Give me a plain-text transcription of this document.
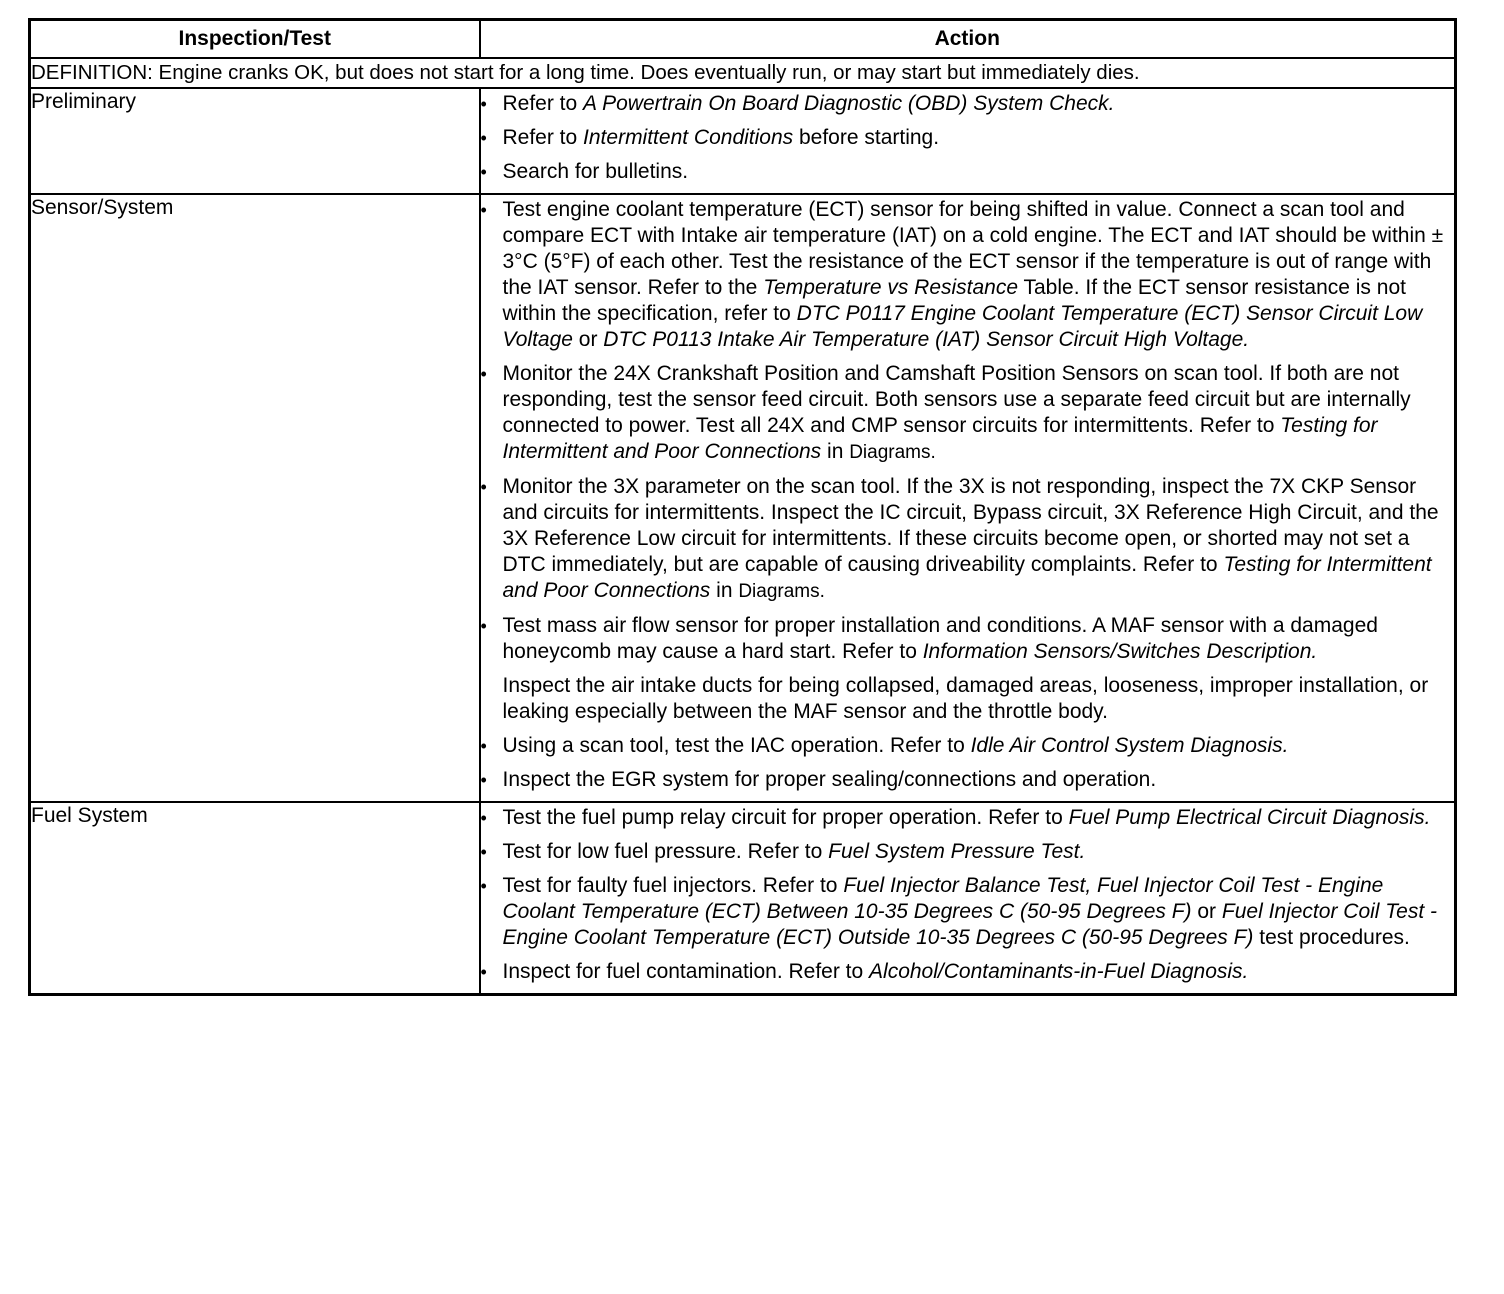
Inspection/Test	Action
DEFINITION: Engine cranks OK, but does not start for a long time. Does eventually run, or may start but immediately dies.	
Preliminary	
•Refer to A Powertrain On Board Diagnostic (OBD) System Check.
• Refer to Intermittent Conditions before starting.
• Search for bulletins.

Sensor/System	
•Test engine coolant temperature (ECT) sensor for being shifted in value. Connect a scan tool and compare ECT with Intake air temperature (IAT) on a cold engine. The ECT and IAT should be within ± 3°C (5°F) of each other. Test the resistance of the ECT sensor if the temperature is out of range with the IAT sensor. Refer to the Temperature vs Resistance Table. If the ECT sensor resistance is not within the specification, refer to DTC P0117 Engine Coolant Temperature (ECT) Sensor Circuit Low Voltage or DTC P0113 Intake Air Temperature (IAT) Sensor Circuit High Voltage.
• Monitor the 24X Crankshaft Position and Camshaft Position Sensors on scan tool. If both are not responding, test the sensor feed circuit. Both sensors use a separate feed circuit but are internally connected to power. Test all 24X and CMP sensor circuits for intermittents. Refer to Testing for Intermittent and Poor Connections in Diagrams.
• Monitor the 3X parameter on the scan tool. If the 3X is not responding, inspect the 7X CKP Sensor and circuits for intermittents. Inspect the IC circuit, Bypass circuit, 3X Reference High Circuit, and the 3X Reference Low circuit for intermittents. If these circuits become open, or shorted may not set a DTC immediately, but are capable of causing driveability complaints. Refer to Testing for Intermittent and Poor Connections in Diagrams.
• Test mass air flow sensor for proper installation and conditions. A MAF sensor with a damaged honeycomb may cause a hard start. Refer to Information Sensors/Switches Description.
Inspect the air intake ducts for being collapsed, damaged areas, looseness, improper installation, or leaking especially between the MAF sensor and the throttle body.
• Using a scan tool, test the IAC operation. Refer to Idle Air Control System Diagnosis.
• Inspect the EGR system for proper sealing/connections and operation.

Fuel System	
•Test the fuel pump relay circuit for proper operation. Refer to Fuel Pump Electrical Circuit Diagnosis.
• Test for low fuel pressure. Refer to Fuel System Pressure Test.
• Test for faulty fuel injectors. Refer to Fuel Injector Balance Test, Fuel Injector Coil Test - Engine Coolant Temperature (ECT) Between 10-35 Degrees C (50-95 Degrees F) or Fuel Injector Coil Test - Engine Coolant Temperature (ECT) Outside 10-35 Degrees C (50-95 Degrees F) test procedures.
• Inspect for fuel contamination. Refer to Alcohol/Contaminants-in-Fuel Diagnosis.
